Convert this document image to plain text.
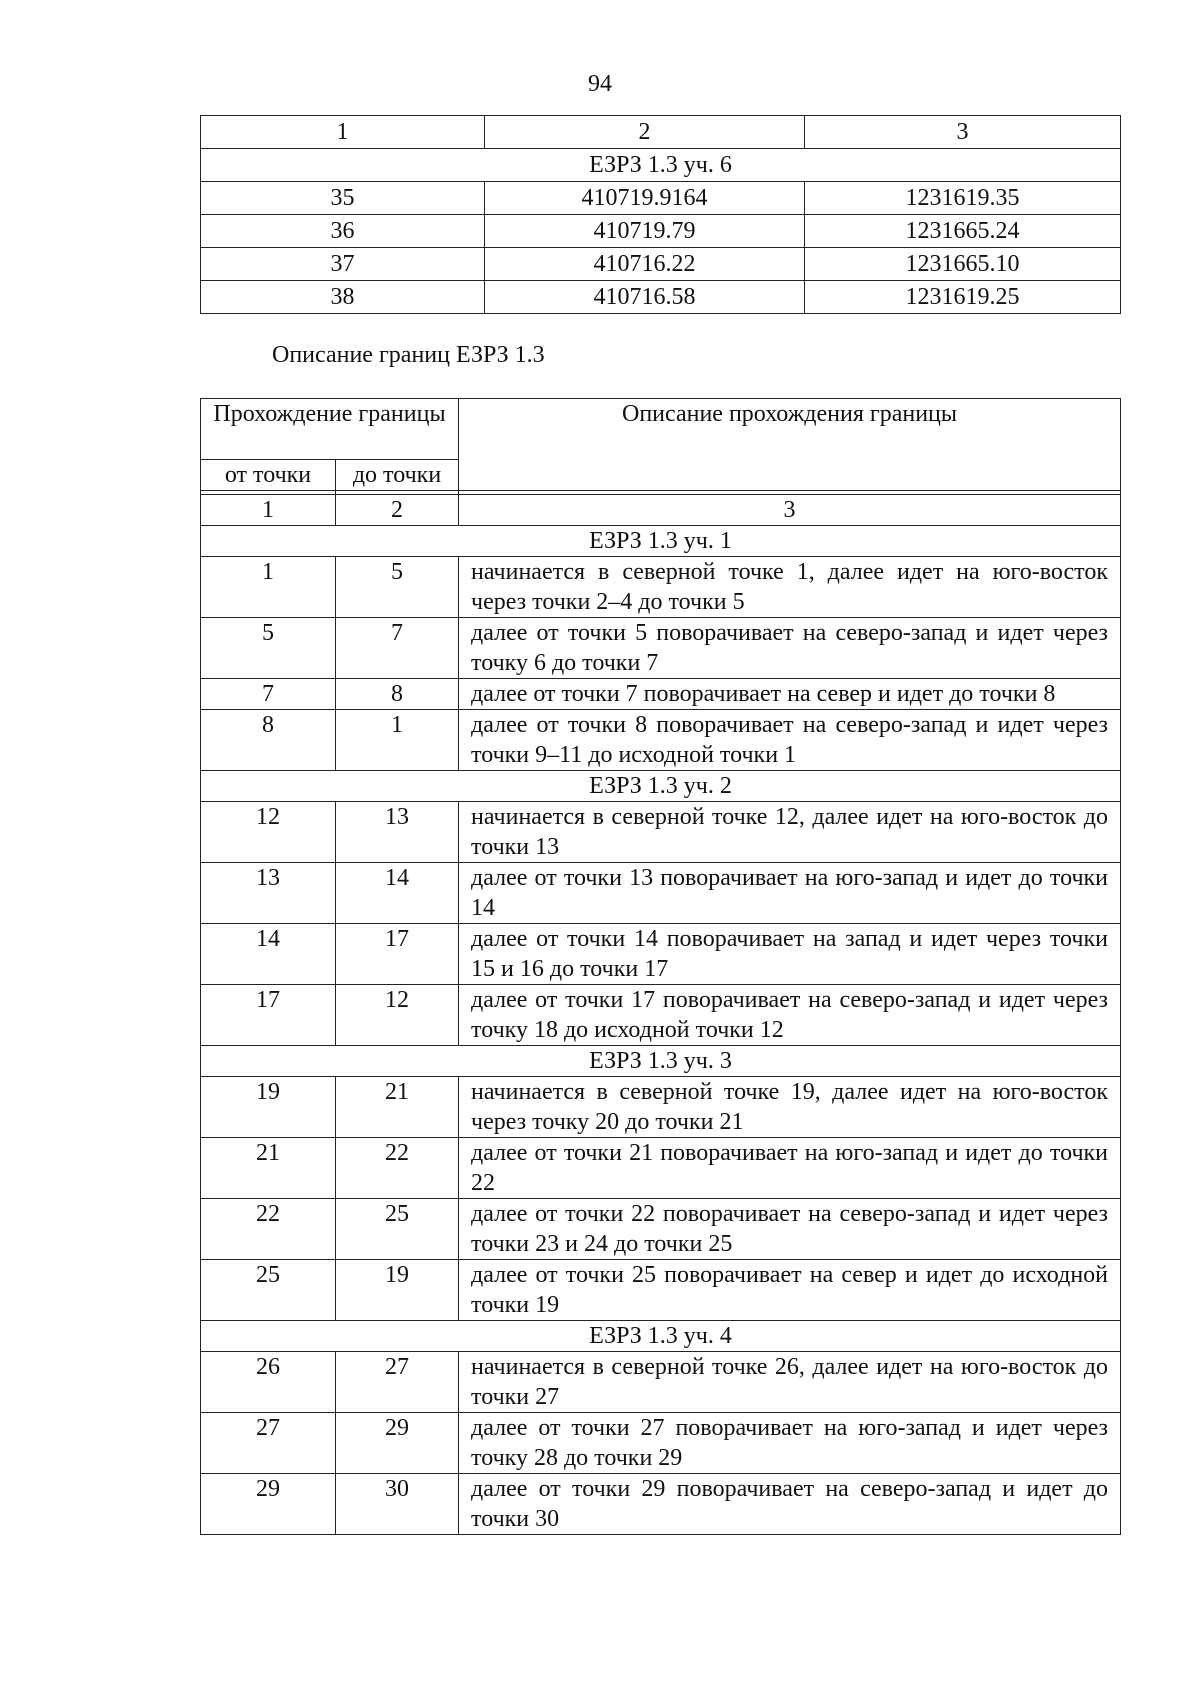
94
1	2	3
ЕЗРЗ 1.3 уч. 6		
35	410719.9164	1231619.35
36	410719.79	1231665.24
37	410716.22	1231665.10
38	410716.58	1231619.25
Описание границ ЕЗРЗ 1.3
Прохождение границы		Описание прохождения границы
от точки	до точки	

1	2	3
ЕЗРЗ 1.3 уч. 1		
1	5	начинается в северной точке 1, далее идет на юго-восток через точки 2–4 до точки 5
5	7	далее от точки 5 поворачивает на северо-запад и идет через точку 6 до точки 7
7	8	далее от точки 7 поворачивает на север и идет до точки 8
8	1	далее от точки 8 поворачивает на северо-запад и идет через точки 9–11 до исходной точки 1
ЕЗРЗ 1.3 уч. 2		
12	13	начинается в северной точке 12, далее идет на юго-восток до точки 13
13	14	далее от точки 13 поворачивает на юго-запад и идет до точки 14
14	17	далее от точки 14 поворачивает на запад и идет через точки 15 и 16 до точки 17
17	12	далее от точки 17 поворачивает на северо-запад и идет через точку 18 до исходной точки 12
ЕЗРЗ 1.3 уч. 3		
19	21	начинается в северной точке 19, далее идет на юго-восток через точку 20 до точки 21
21	22	далее от точки 21 поворачивает на юго-запад и идет до точки 22
22	25	далее от точки 22 поворачивает на северо-запад и идет через точки 23 и 24 до точки 25
25	19	далее от точки 25 поворачивает на север и идет до исходной точки 19
ЕЗРЗ 1.3 уч. 4		
26	27	начинается в северной точке 26, далее идет на юго-восток до точки 27
27	29	далее от точки 27 поворачивает на юго-запад и идет через точку 28 до точки 29
29	30	далее от точки 29 поворачивает на северо-запад и идет до точки 30
